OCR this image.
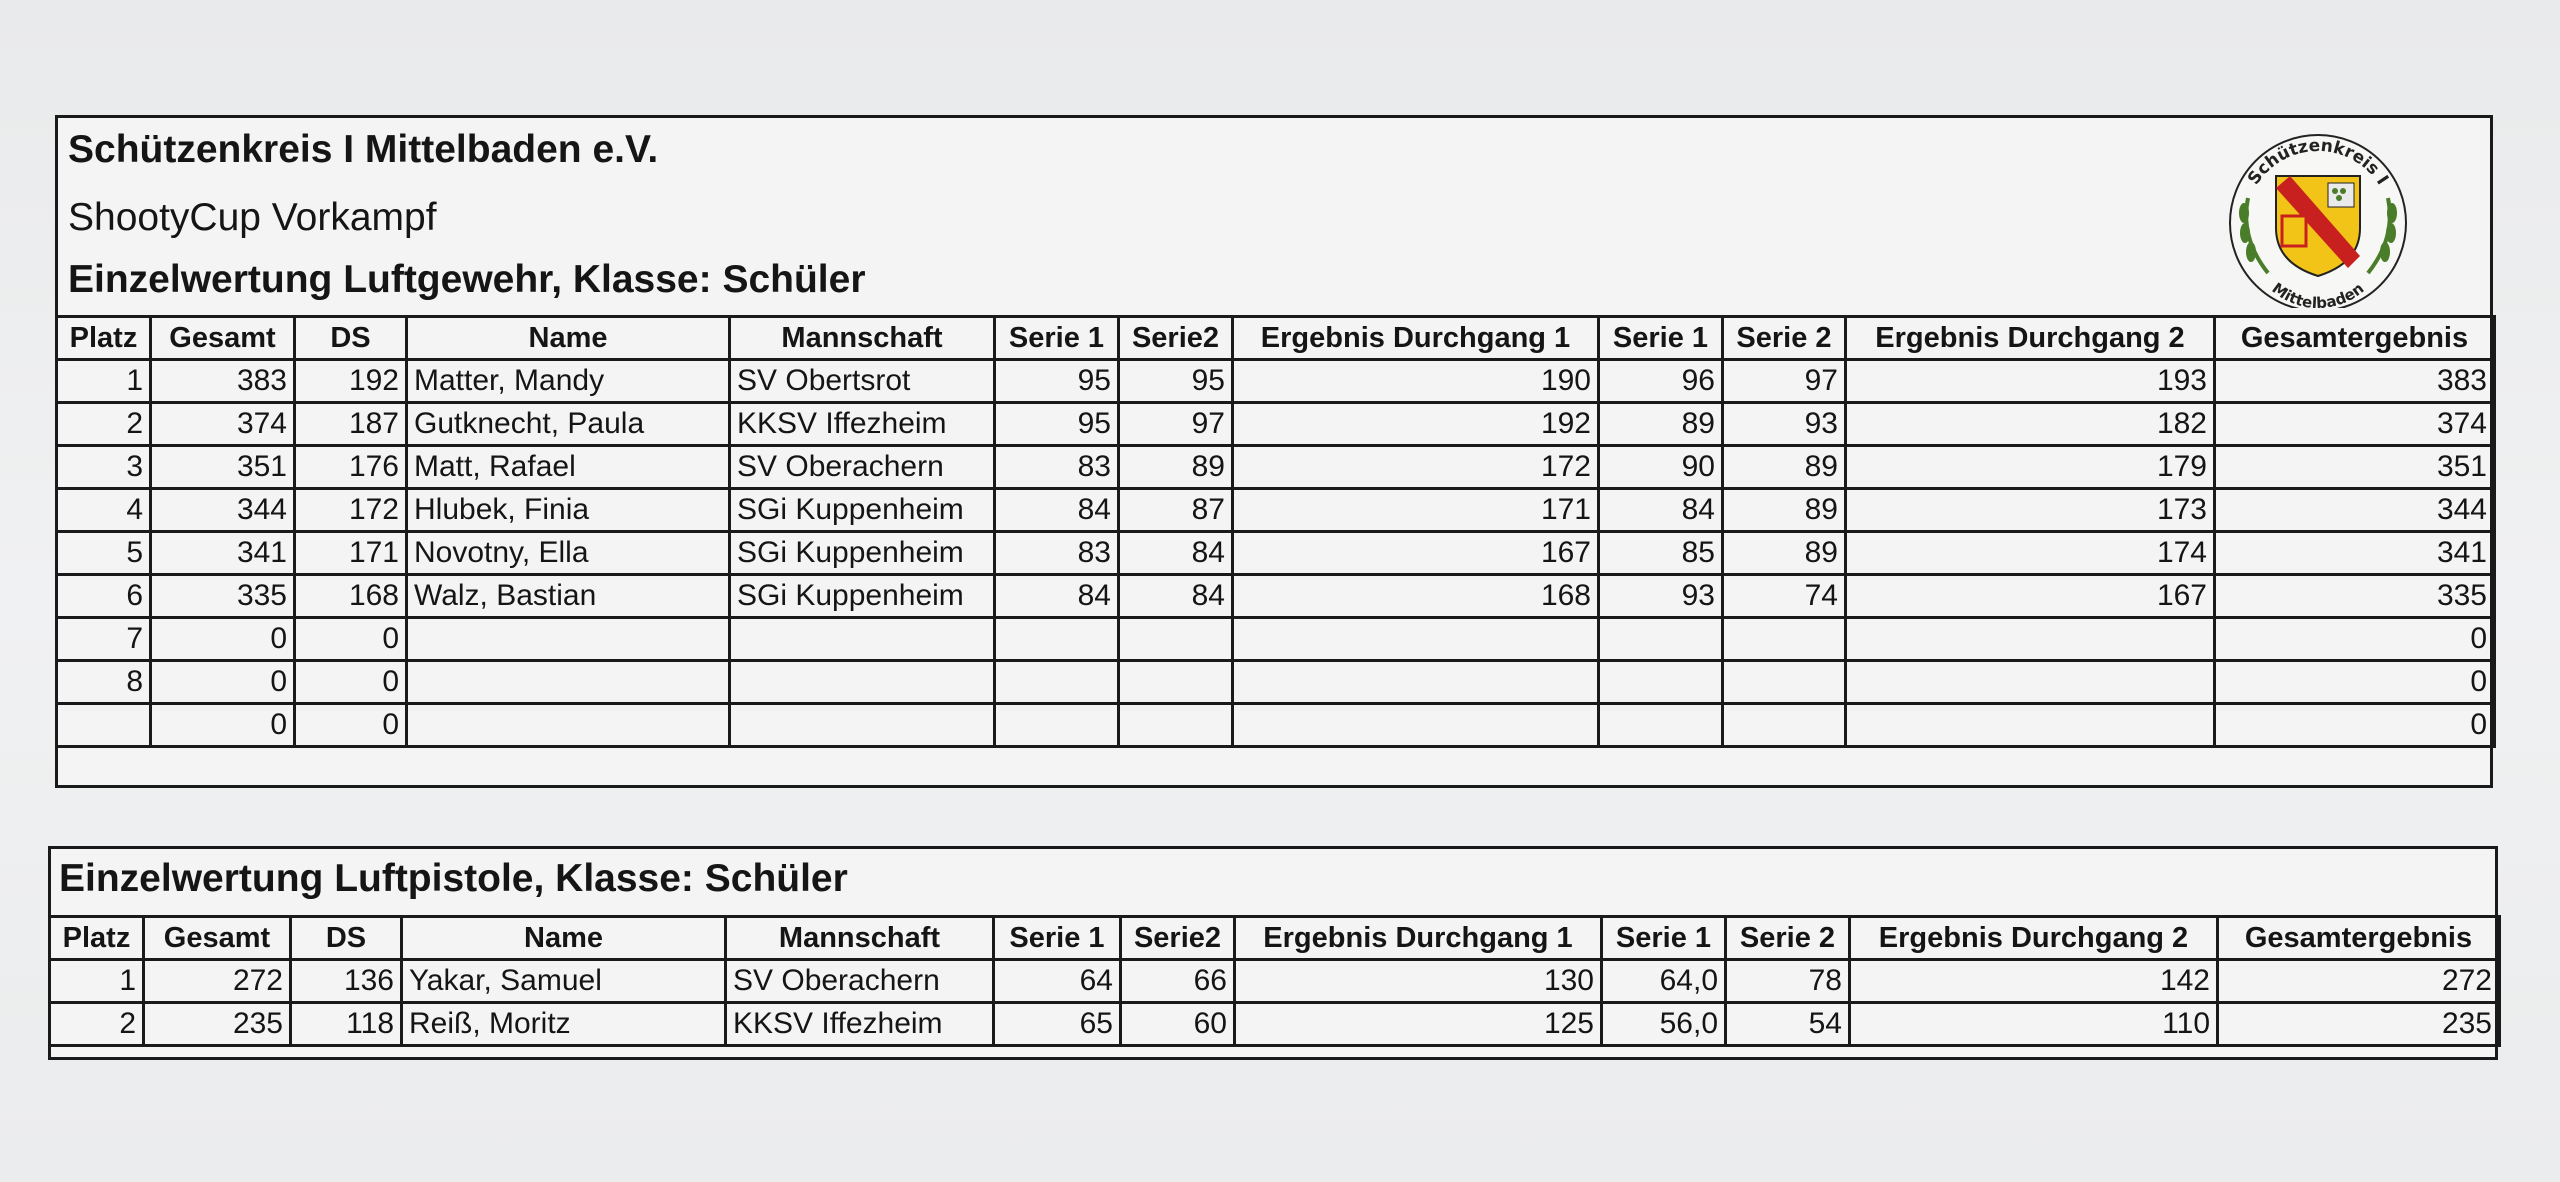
Schützenkreis I Mittelbaden e.V.
ShootyCup Vorkampf
Einzelwertung Luftgewehr, Klasse: Schüler
Schützenkreis I
Mittelbaden
Platz	Gesamt	DS	Name	Mannschaft	Serie 1	Serie2	Ergebnis Durchgang 1	Serie 1	Serie 2	Ergebnis Durchgang 2	Gesamtergebnis
1	383	192	Matter, Mandy	SV Obertsrot	95	95	190	96	97	193	383
2	374	187	Gutknecht, Paula	KKSV Iffezheim	95	97	192	89	93	182	374
3	351	176	Matt, Rafael	SV Oberachern	83	89	172	90	89	179	351
4	344	172	Hlubek, Finia	SGi Kuppenheim	84	87	171	84	89	173	344
5	341	171	Novotny, Ella	SGi Kuppenheim	83	84	167	85	89	174	341
6	335	168	Walz, Bastian	SGi Kuppenheim	84	84	168	93	74	167	335
7	0	0									0
8	0	0									0
	0	0									0
Einzelwertung Luftpistole, Klasse: Schüler
Platz	Gesamt	DS	Name	Mannschaft	Serie 1	Serie2	Ergebnis Durchgang 1	Serie 1	Serie 2	Ergebnis Durchgang 2	Gesamtergebnis
1	272	136	Yakar, Samuel	SV Oberachern	64	66	130	64,0	78	142	272
2	235	118	Reiß, Moritz	KKSV Iffezheim	65	60	125	56,0	54	110	235
